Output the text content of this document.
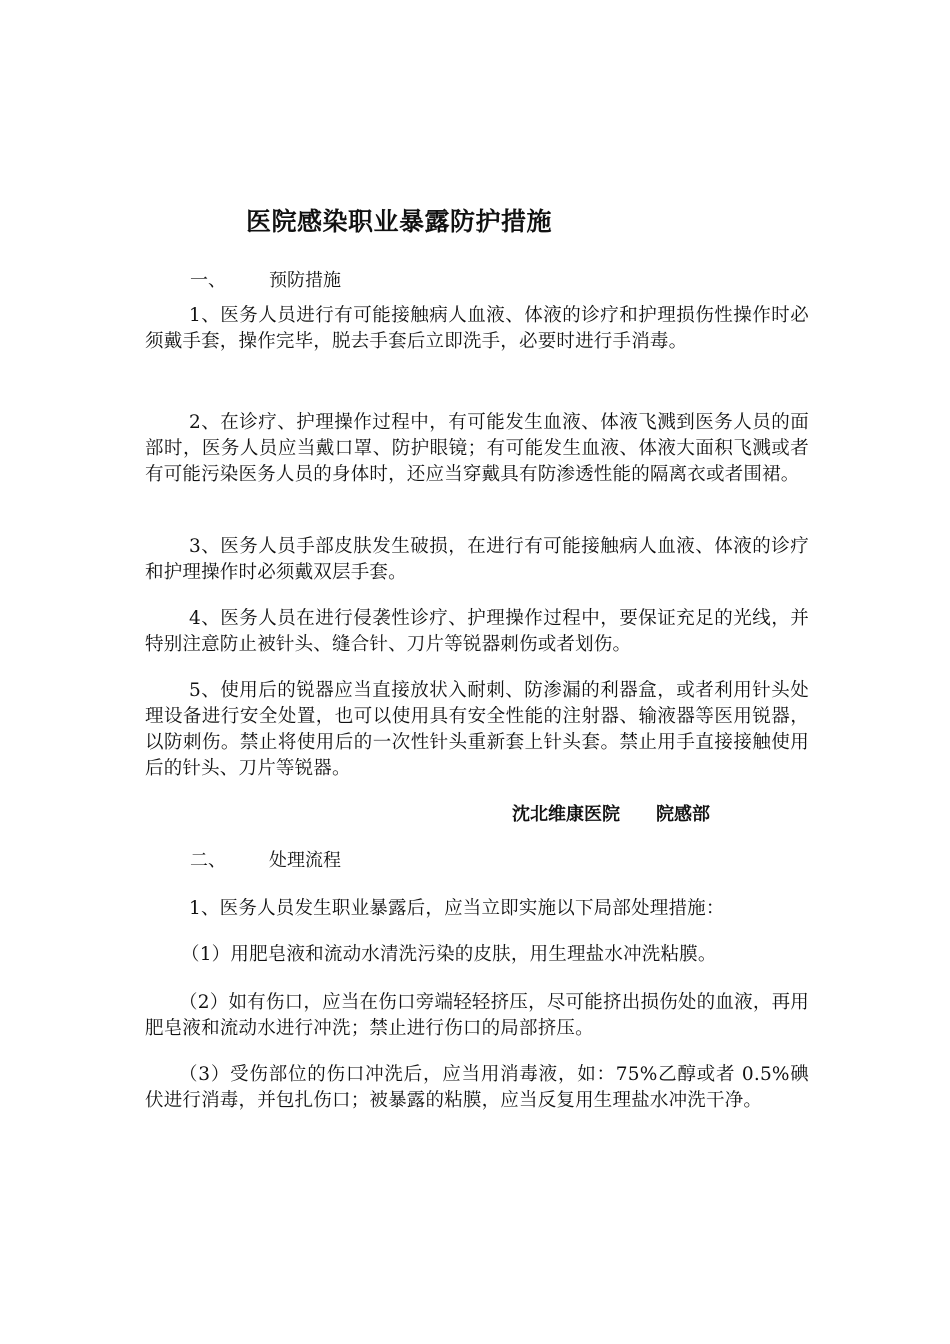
医院感染职业暴露防护措施
一、 预防措施

1、医务人员进行有可能接触病人血液、体液的诊疗和护理损伤性操作时必须戴手套，操作完毕，脱去手套后立即洗手，必要时进行手消毒。

2、在诊疗、护理操作过程中，有可能发生血液、体液飞溅到医务人员的面部时，医务人员应当戴口罩、防护眼镜；有可能发生血液、体液大面积飞溅或者有可能污染医务人员的身体时，还应当穿戴具有防渗透性能的隔离衣或者围裙。

3、医务人员手部皮肤发生破损，在进行有可能接触病人血液、体液的诊疗和护理操作时必须戴双层手套。

4、医务人员在进行侵袭性诊疗、护理操作过程中，要保证充足的光线，并特别注意防止被针头、缝合针、刀片等锐器刺伤或者划伤。

5、使用后的锐器应当直接放状入耐刺、防渗漏的利器盒，或者利用针头处理设备进行安全处置，也可以使用具有安全性能的注射器、输液器等医用锐器，以防刺伤。禁止将使用后的一次性针头重新套上针头套。禁止用手直接接触使用后的针头、刀片等锐器。

沈北维康医院 院感部
二、 处理流程

1、医务人员发生职业暴露后，应当立即实施以下局部处理措施：

（1）用肥皂液和流动水清洗污染的皮肤，用生理盐水冲洗粘膜。

（2）如有伤口，应当在伤口旁端轻轻挤压，尽可能挤出损伤处的血液，再用肥皂液和流动水进行冲洗；禁止进行伤口的局部挤压。

（3）受伤部位的伤口冲洗后，应当用消毒液，如：75%乙醇或者 0.5%碘伏进行消毒，并包扎伤口；被暴露的粘膜，应当反复用生理盐水冲洗干净。
